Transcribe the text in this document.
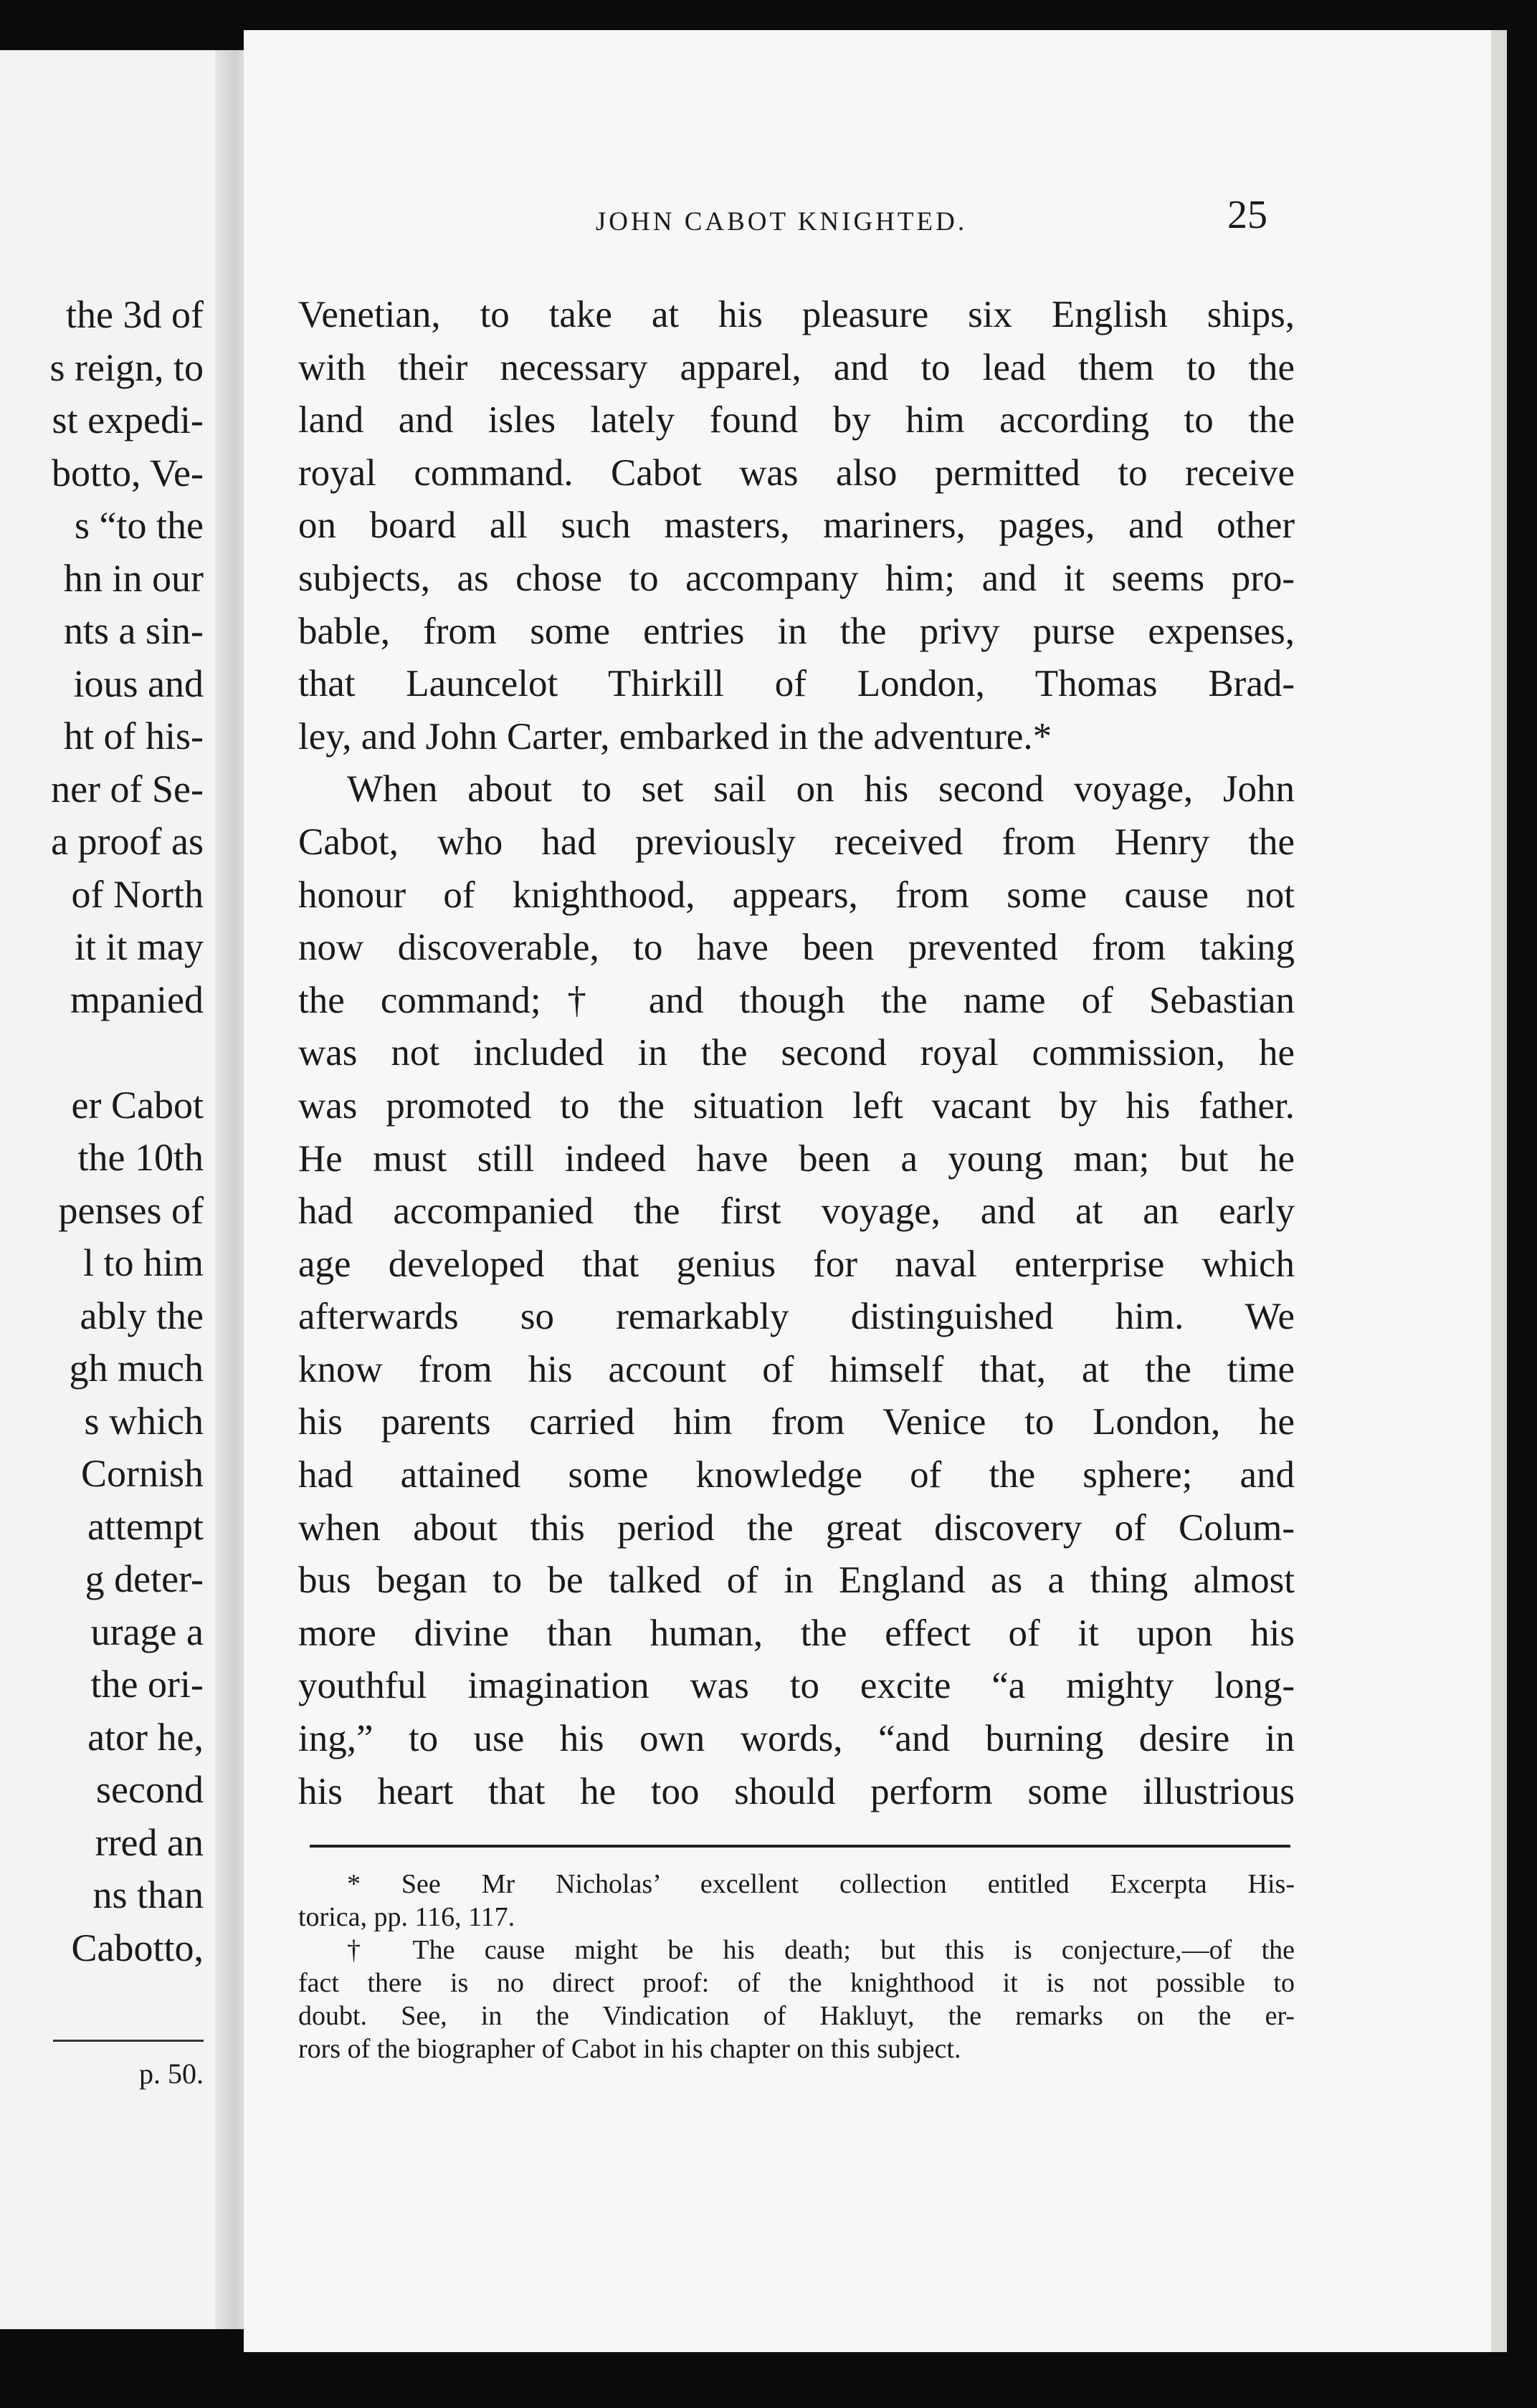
the 3d of
s reign, to
st expedi-
botto, Ve-
s “to the
hn in our
nts a sin-
ious and
ht of his-
ner of Se-
a proof as
of North
it it may
mpanied
er Cabot
the 10th
penses of
l to him
ably the
gh much
s which
Cornish
attempt
g deter-
urage a
the ori-
ator he,
second
rred an
ns than
Cabotto,
p. 50.
JOHN CABOT KNIGHTED.	25
Venetian, to take at his pleasure six English ships,
with their necessary apparel, and to lead them to the
land and isles lately found by him according to the
royal command. Cabot was also permitted to receive
on board all such masters, mariners, pages, and other
subjects, as chose to accompany him; and it seems pro-
bable, from some entries in the privy purse expenses,
that Launcelot Thirkill of London, Thomas Brad-
ley, and John Carter, embarked in the adventure.*
When about to set sail on his second voyage, John
Cabot, who had previously received from Henry the
honour of knighthood, appears, from some cause not
now discoverable, to have been prevented from taking
the command;† and though the name of Sebastian
was not included in the second royal commission, he
was promoted to the situation left vacant by his father.
He must still indeed have been a young man; but he
had accompanied the first voyage, and at an early
age developed that genius for naval enterprise which
afterwards so remarkably distinguished him. We
know from his account of himself that, at the time
his parents carried him from Venice to London, he
had attained some knowledge of the sphere; and
when about this period the great discovery of Colum-
bus began to be talked of in England as a thing almost
more divine than human, the effect of it upon his
youthful imagination was to excite “a mighty long-
ing,” to use his own words, “and burning desire in
his heart that he too should perform some illustrious
* See Mr Nicholas’ excellent collection entitled Excerpta His-
torica, pp. 116, 117.
† The cause might be his death; but this is conjecture,—of the
fact there is no direct proof: of the knighthood it is not possible to
doubt. See, in the Vindication of Hakluyt, the remarks on the er-
rors of the biographer of Cabot in his chapter on this subject.
